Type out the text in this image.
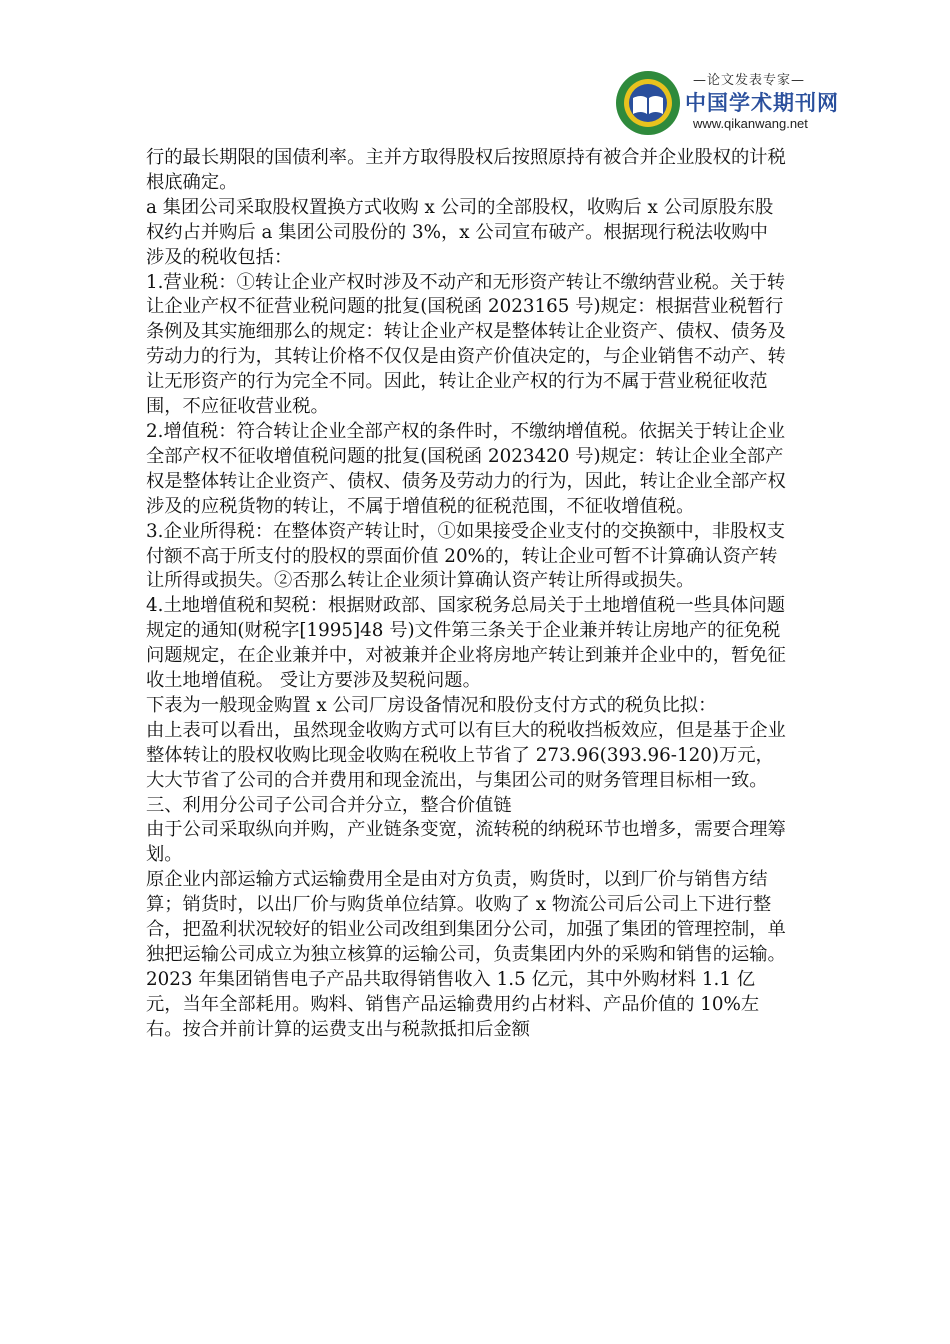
—论文发表专家—
中国学术期刊网
www.qikanwang.net

行的最长期限的国债利率。主并方取得股权后按照原持有被合并企业股权的计税根底确定。

a 集团公司采取股权置换方式收购 x 公司的全部股权，收购后 x 公司原股东股权约占并购后 a 集团公司股份的 3%，x 公司宣布破产。根据现行税法收购中涉及的税收包括：

1.营业税：①转让企业产权时涉及不动产和无形资产转让不缴纳营业税。关于转让企业产权不征营业税问题的批复(国税函 2023165 号)规定：根据营业税暂行条例及其实施细那么的规定：转让企业产权是整体转让企业资产、债权、债务及劳动力的行为，其转让价格不仅仅是由资产价值决定的，与企业销售不动产、转让无形资产的行为完全不同。因此，转让企业产权的行为不属于营业税征收范围，不应征收营业税。

2.增值税：符合转让企业全部产权的条件时，不缴纳增值税。依据关于转让企业全部产权不征收增值税问题的批复(国税函 2023420 号)规定：转让企业全部产权是整体转让企业资产、债权、债务及劳动力的行为，因此，转让企业全部产权涉及的应税货物的转让，不属于增值税的征税范围，不征收增值税。

3.企业所得税：在整体资产转让时，①如果接受企业支付的交换额中，非股权支付额不高于所支付的股权的票面价值 20%的，转让企业可暂不计算确认资产转让所得或损失。②否那么转让企业须计算确认资产转让所得或损失。

4.土地增值税和契税：根据财政部、国家税务总局关于土地增值税一些具体问题规定的通知(财税字[1995]48 号)文件第三条关于企业兼并转让房地产的征免税问题规定，在企业兼并中，对被兼并企业将房地产转让到兼并企业中的，暂免征收土地增值税。 受让方要涉及契税问题。

下表为一般现金购置 x 公司厂房设备情况和股份支付方式的税负比拟：

由上表可以看出，虽然现金收购方式可以有巨大的税收挡板效应，但是基于企业整体转让的股权收购比现金收购在税收上节省了 273.96(393.96-120)万元，大大节省了公司的合并费用和现金流出，与集团公司的财务管理目标相一致。

三、利用分公司子公司合并分立，整合价值链

由于公司采取纵向并购，产业链条变宽，流转税的纳税环节也增多，需要合理筹划。

原企业内部运输方式运输费用全是由对方负责，购货时，以到厂价与销售方结算；销货时，以出厂价与购货单位结算。收购了 x 物流公司后公司上下进行整合，把盈利状况较好的铝业公司改组到集团分公司，加强了集团的管理控制，单独把运输公司成立为独立核算的运输公司，负责集团内外的采购和销售的运输。

2023 年集团销售电子产品共取得销售收入 1.5 亿元，其中外购材料 1.1 亿元，当年全部耗用。购料、销售产品运输费用约占材料、产品价值的 10%左右。按合并前计算的运费支出与税款抵扣后金额
